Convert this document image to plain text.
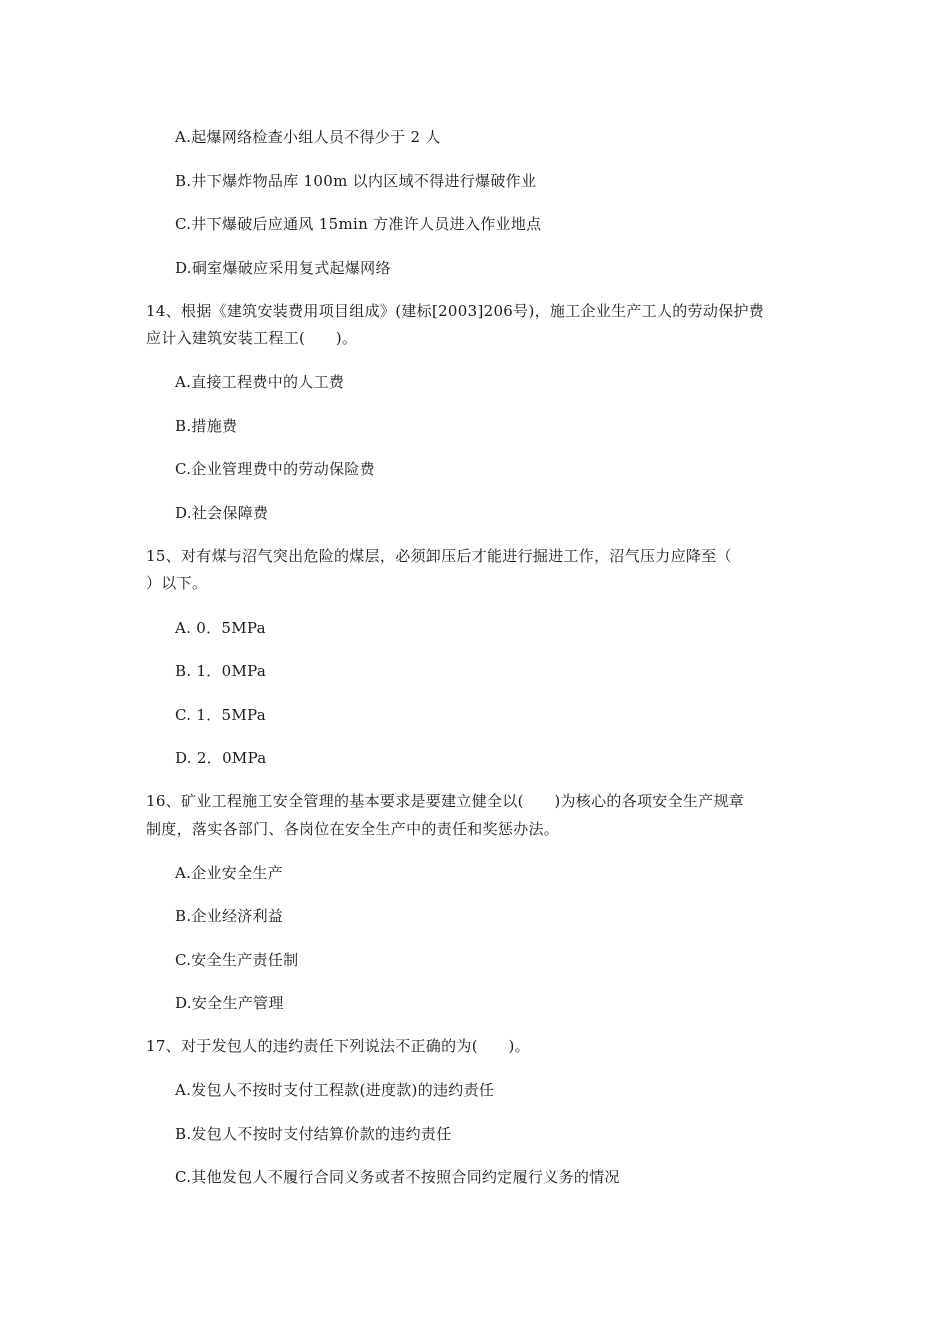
A.起爆网络检查小组人员不得少于 2 人
B.井下爆炸物品库 100m 以内区域不得进行爆破作业
C.井下爆破后应通风 15min 方准许人员进入作业地点
D.硐室爆破应采用复式起爆网络
14、根据《建筑安装费用项目组成》(建标[2003]206号)，施工企业生产工人的劳动保护费
应计入建筑安装工程工(　　)。
A.直接工程费中的人工费
B.措施费
C.企业管理费中的劳动保险费
D.社会保障费
15、对有煤与沼气突出危险的煤层，必须卸压后才能进行掘进工作，沼气压力应降至（
）以下。
A. 0．5MPa
B. 1．0MPa
C. 1．5MPa
D. 2．0MPa
16、矿业工程施工安全管理的基本要求是要建立健全以(　　)为核心的各项安全生产规章
制度，落实各部门、各岗位在安全生产中的责任和奖惩办法。
A.企业安全生产
B.企业经济利益
C.安全生产责任制
D.安全生产管理
17、对于发包人的违约责任下列说法不正确的为(　　)。
A.发包人不按时支付工程款(进度款)的违约责任
B.发包人不按时支付结算价款的违约责任
C.其他发包人不履行合同义务或者不按照合同约定履行义务的情况
